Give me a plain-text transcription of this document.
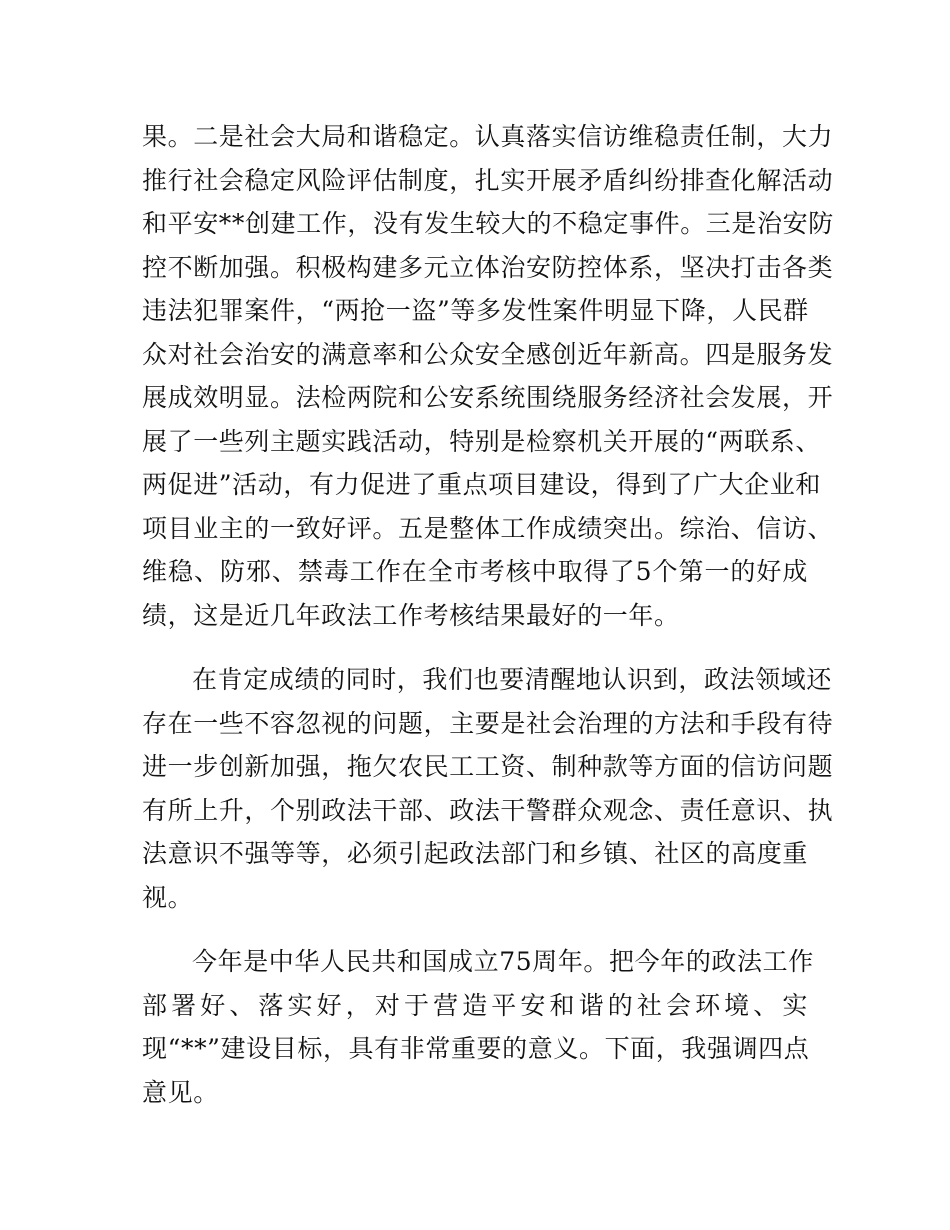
果。二是社会大局和谐稳定。认真落实信访维稳责任制，大力
推行社会稳定风险评估制度，扎实开展矛盾纠纷排查化解活动
和平安**创建工作，没有发生较大的不稳定事件。三是治安防
控不断加强。积极构建多元立体治安防控体系，坚决打击各类
违法犯罪案件，“两抢一盗”等多发性案件明显下降，人民群
众对社会治安的满意率和公众安全感创近年新高。四是服务发
展成效明显。法检两院和公安系统围绕服务经济社会发展，开
展了一些列主题实践活动，特别是检察机关开展的“两联系、
两促进”活动，有力促进了重点项目建设，得到了广大企业和
项目业主的一致好评。五是整体工作成绩突出。综治、信访、
维稳、防邪、禁毒工作在全市考核中取得了5个第一的好成
绩，这是近几年政法工作考核结果最好的一年。
在肯定成绩的同时，我们也要清醒地认识到，政法领域还
存在一些不容忽视的问题，主要是社会治理的方法和手段有待
进一步创新加强，拖欠农民工工资、制种款等方面的信访问题
有所上升，个别政法干部、政法干警群众观念、责任意识、执
法意识不强等等，必须引起政法部门和乡镇、社区的高度重
视。
今年是中华人民共和国成立75周年。把今年的政法工作
部署好、落实好，对于营造平安和谐的社会环境、实
现“**”建设目标，具有非常重要的意义。下面，我强调四点
意见。
